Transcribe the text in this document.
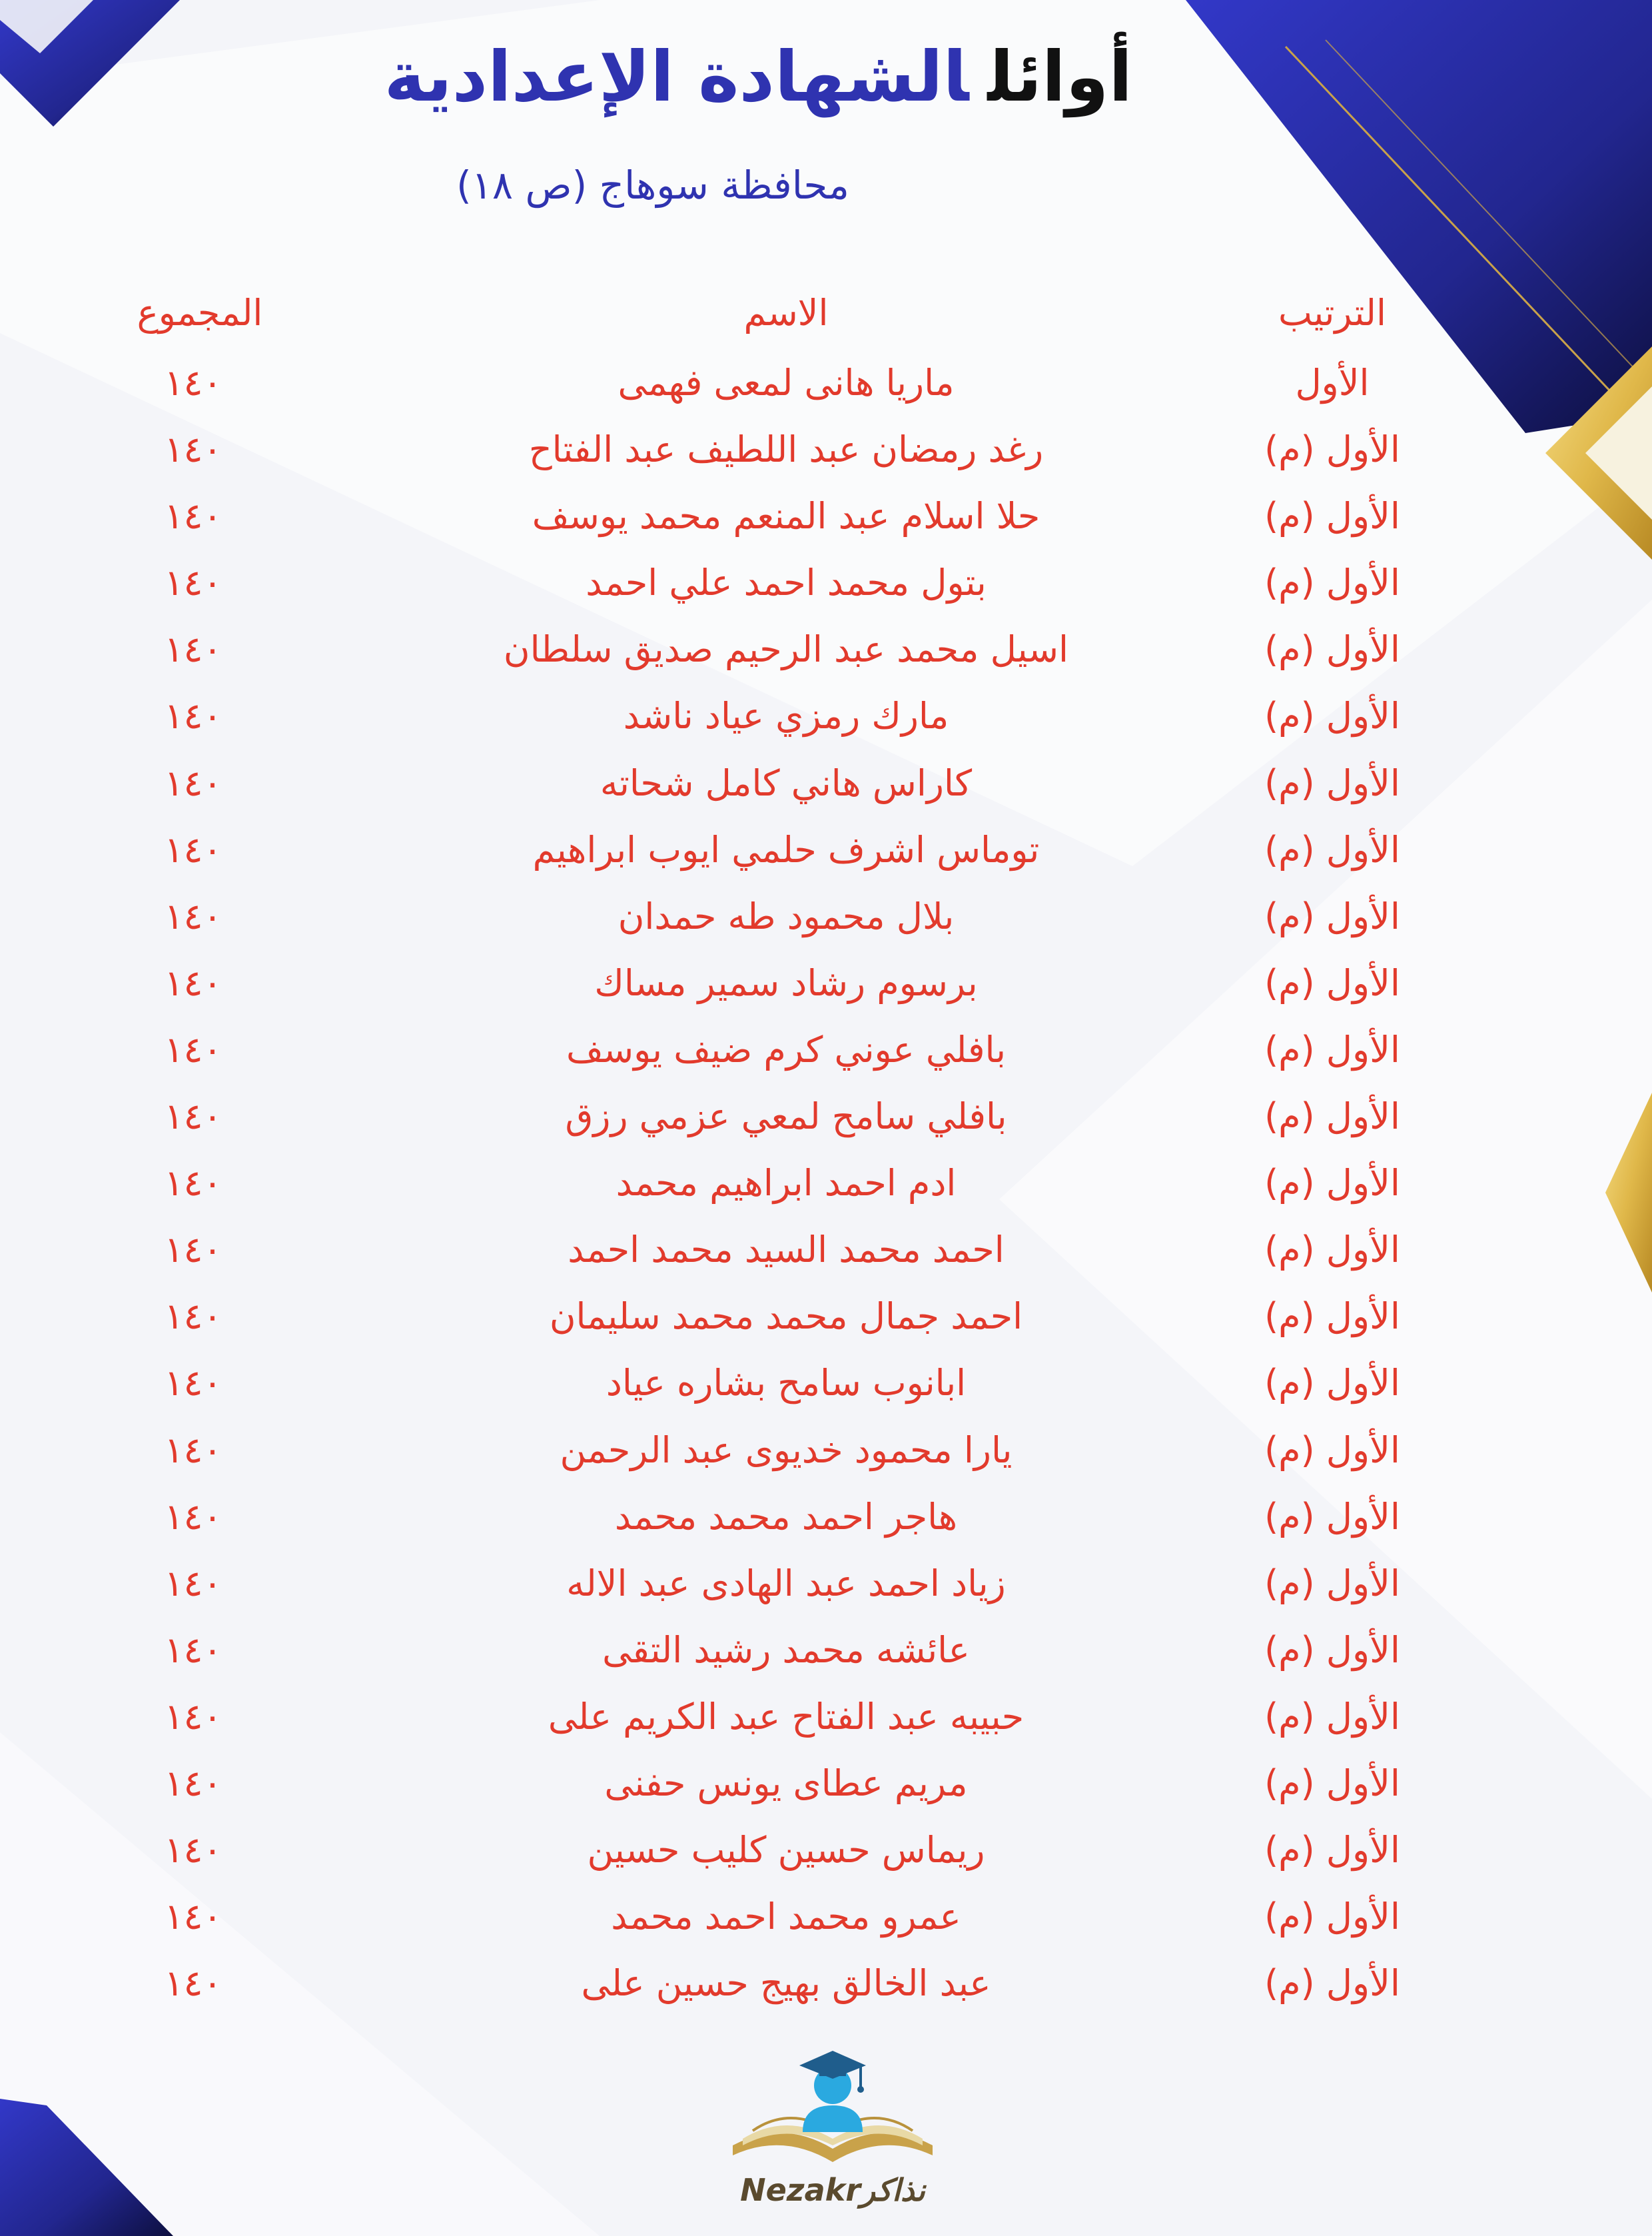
أوائلالشهادة الإعدادية
محافظة سوهاج (ص ١٨)
الترتيب
الاسم
المجموع
الأول
ماريا هانى لمعى فهمى
١٤٠
الأول (م)
رغد رمضان عبد اللطيف عبد الفتاح
١٤٠
الأول (م)
حلا اسلام عبد المنعم محمد يوسف
١٤٠
الأول (م)
بتول محمد احمد علي احمد
١٤٠
الأول (م)
اسيل محمد عبد الرحيم صديق سلطان
١٤٠
الأول (م)
مارك رمزي عياد ناشد
١٤٠
الأول (م)
كاراس هاني كامل شحاته
١٤٠
الأول (م)
توماس اشرف حلمي ايوب ابراهيم
١٤٠
الأول (م)
بلال محمود طه حمدان
١٤٠
الأول (م)
برسوم رشاد سمير مساك
١٤٠
الأول (م)
بافلي عوني كرم ضيف يوسف
١٤٠
الأول (م)
بافلي سامح لمعي عزمي رزق
١٤٠
الأول (م)
ادم احمد ابراهيم محمد
١٤٠
الأول (م)
احمد محمد السيد محمد احمد
١٤٠
الأول (م)
احمد جمال محمد محمد سليمان
١٤٠
الأول (م)
ابانوب سامح بشاره عياد
١٤٠
الأول (م)
يارا محمود خديوى عبد الرحمن
١٤٠
الأول (م)
هاجر احمد محمد محمد
١٤٠
الأول (م)
زياد احمد عبد الهادى عبد الاله
١٤٠
الأول (م)
عائشه محمد رشيد التقى
١٤٠
الأول (م)
حبيبه عبد الفتاح عبد الكريم على
١٤٠
الأول (م)
مريم عطاى يونس حفنى
١٤٠
الأول (م)
ريماس حسين كليب حسين
١٤٠
الأول (م)
عمرو محمد احمد محمد
١٤٠
الأول (م)
عبد الخالق بهيج حسين على
١٤٠
Nezakrنذاكر
